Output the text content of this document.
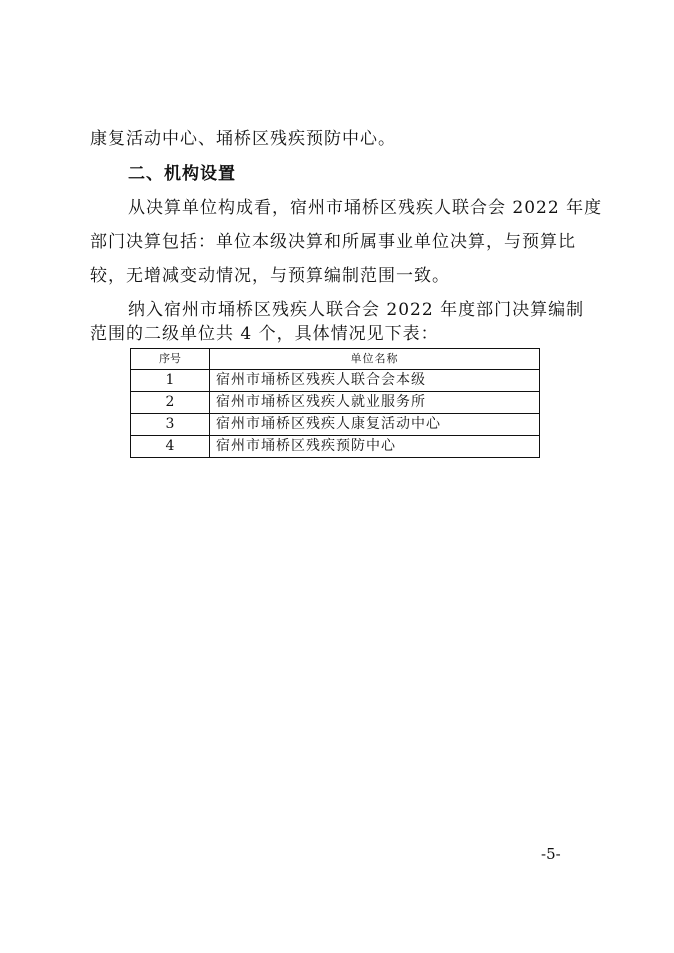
康复活动中心、埇桥区残疾预防中心。
二、机构设置
从决算单位构成看，宿州市埇桥区残疾人联合会 2022 年度
部门决算包括：单位本级决算和所属事业单位决算，与预算比
较，无增减变动情况，与预算编制范围一致。
纳入宿州市埇桥区残疾人联合会 2022 年度部门决算编制
范围的二级单位共 4 个，具体情况见下表：
序号	单位名称
1	宿州市埇桥区残疾人联合会本级
2	宿州市埇桥区残疾人就业服务所
3	宿州市埇桥区残疾人康复活动中心
4	宿州市埇桥区残疾预防中心
-5-
